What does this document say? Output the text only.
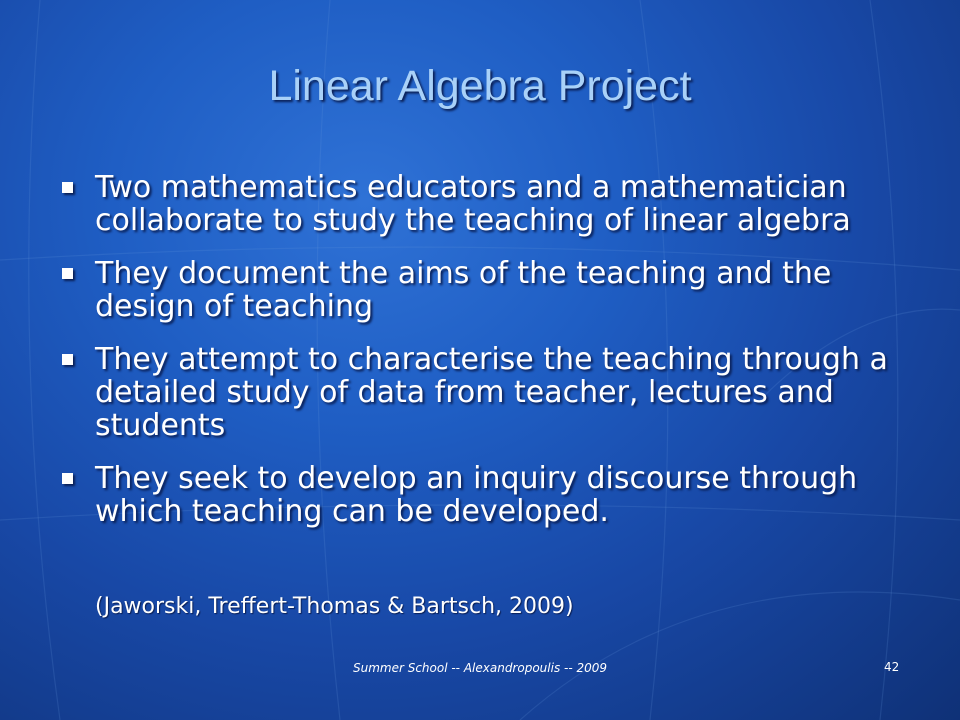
Linear Algebra Project
Two mathematics educators and a mathematician collaborate to study the teaching of linear algebra
They document the aims of the teaching and the design of teaching
They attempt to characterise the teaching through a detailed study of data from teacher, lectures and students
They seek to develop an inquiry discourse through which teaching can be developed.
(Jaworski, Treffert-Thomas & Bartsch, 2009)
Summer School -- Alexandropoulis -- 2009	42
